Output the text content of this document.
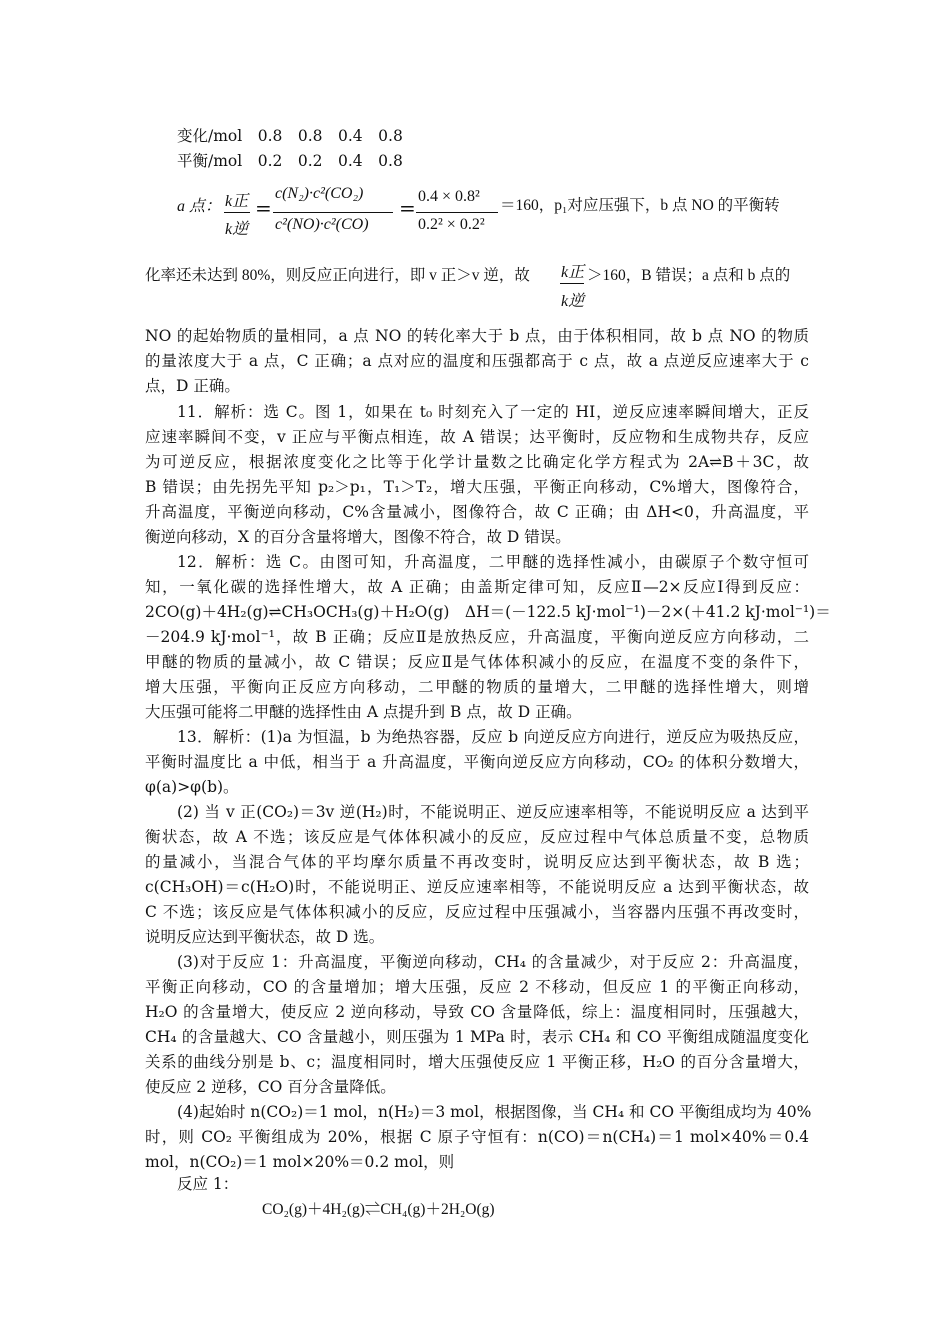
变化/mol　0.8　0.8　0.4　0.8
平衡/mol　0.2　0.2　0.4　0.8
a 点： k正
k逆
=
c(N₂)·c²(CO₂)
c²(NO)·c²(CO)
= 0.4 × 0.8²
0.2² × 0.2²
＝160，p₁对应压强下，b 点 NO 的平衡转
化率还未达到 80%，则反应正向进行，即 v 正＞v 逆，故 k正
k逆
＞160，B 错误；a 点和 b 点的
NO 的起始物质的量相同，a 点 NO 的转化率大于 b 点，由于体积相同，故 b 点 NO 的物质
的量浓度大于 a 点，C 正确；a 点对应的温度和压强都高于 c 点，故 a 点逆反应速率大于 c
点，D 正确。
11．解析：选 C。图 1，如果在 t₀ 时刻充入了一定的 HI，逆反应速率瞬间增大，正反
应速率瞬间不变，v 正应与平衡点相连，故 A 错误；达平衡时，反应物和生成物共存，反应
为可逆反应，根据浓度变化之比等于化学计量数之比确定化学方程式为 2A⇌B＋3C，故
B 错误；由先拐先平知 p₂＞p₁，T₁＞T₂，增大压强，平衡正向移动，C%增大，图像符合，
升高温度，平衡逆向移动，C%含量减小，图像符合，故 C 正确；由 ΔH<0，升高温度，平
衡逆向移动，X 的百分含量将增大，图像不符合，故 D 错误。
12．解析：选 C。由图可知，升高温度，二甲醚的选择性减小，由碳原子个数守恒可
知，一氧化碳的选择性增大，故 A 正确；由盖斯定律可知，反应Ⅱ—2×反应Ⅰ得到反应：
2CO(g)＋4H₂(g)⇌CH₃OCH₃(g)＋H₂O(g)　ΔH＝(－122.5 kJ·mol⁻¹)－2×(＋41.2 kJ·mol⁻¹)＝
－204.9 kJ·mol⁻¹，故 B 正确；反应Ⅱ是放热反应，升高温度，平衡向逆反应方向移动，二
甲醚的物质的量减小，故 C 错误；反应Ⅱ是气体体积减小的反应，在温度不变的条件下，
增大压强，平衡向正反应方向移动，二甲醚的物质的量增大，二甲醚的选择性增大，则增
大压强可能将二甲醚的选择性由 A 点提升到 B 点，故 D 正确。
13．解析：(1)a 为恒温，b 为绝热容器，反应 b 向逆反应方向进行，逆反应为吸热反应，
平衡时温度比 a 中低，相当于 a 升高温度，平衡向逆反应方向移动，CO₂ 的体积分数增大，
φ(a)>φ(b)。
(2) 当 v 正(CO₂)＝3v 逆(H₂)时，不能说明正、逆反应速率相等，不能说明反应 a 达到平
衡状态，故 A 不选；该反应是气体体积减小的反应，反应过程中气体总质量不变，总物质
的量减小，当混合气体的平均摩尔质量不再改变时，说明反应达到平衡状态，故 B 选；
c(CH₃OH)＝c(H₂O)时，不能说明正、逆反应速率相等，不能说明反应 a 达到平衡状态，故
C 不选；该反应是气体体积减小的反应，反应过程中压强减小，当容器内压强不再改变时，
说明反应达到平衡状态，故 D 选。
(3)对于反应 1：升高温度，平衡逆向移动，CH₄ 的含量减少，对于反应 2：升高温度，
平衡正向移动，CO 的含量增加；增大压强，反应 2 不移动，但反应 1 的平衡正向移动，
H₂O 的含量增大，使反应 2 逆向移动，导致 CO 含量降低，综上：温度相同时，压强越大，
CH₄ 的含量越大、CO 含量越小，则压强为 1 MPa 时，表示 CH₄ 和 CO 平衡组成随温度变化
关系的曲线分别是 b、c；温度相同时，增大压强使反应 1 平衡正移，H₂O 的百分含量增大，
使反应 2 逆移，CO 百分含量降低。
(4)起始时 n(CO₂)＝1 mol，n(H₂)＝3 mol，根据图像，当 CH₄ 和 CO 平衡组成均为 40%
时，则 CO₂ 平衡组成为 20%，根据 C 原子守恒有：n(CO)＝n(CH₄)＝1 mol×40%＝0.4
mol，n(CO₂)＝1 mol×20%＝0.2 mol，则
反应 1：
CO₂(g)＋4H₂(g)⇌CH₄(g)＋2H₂O(g)
